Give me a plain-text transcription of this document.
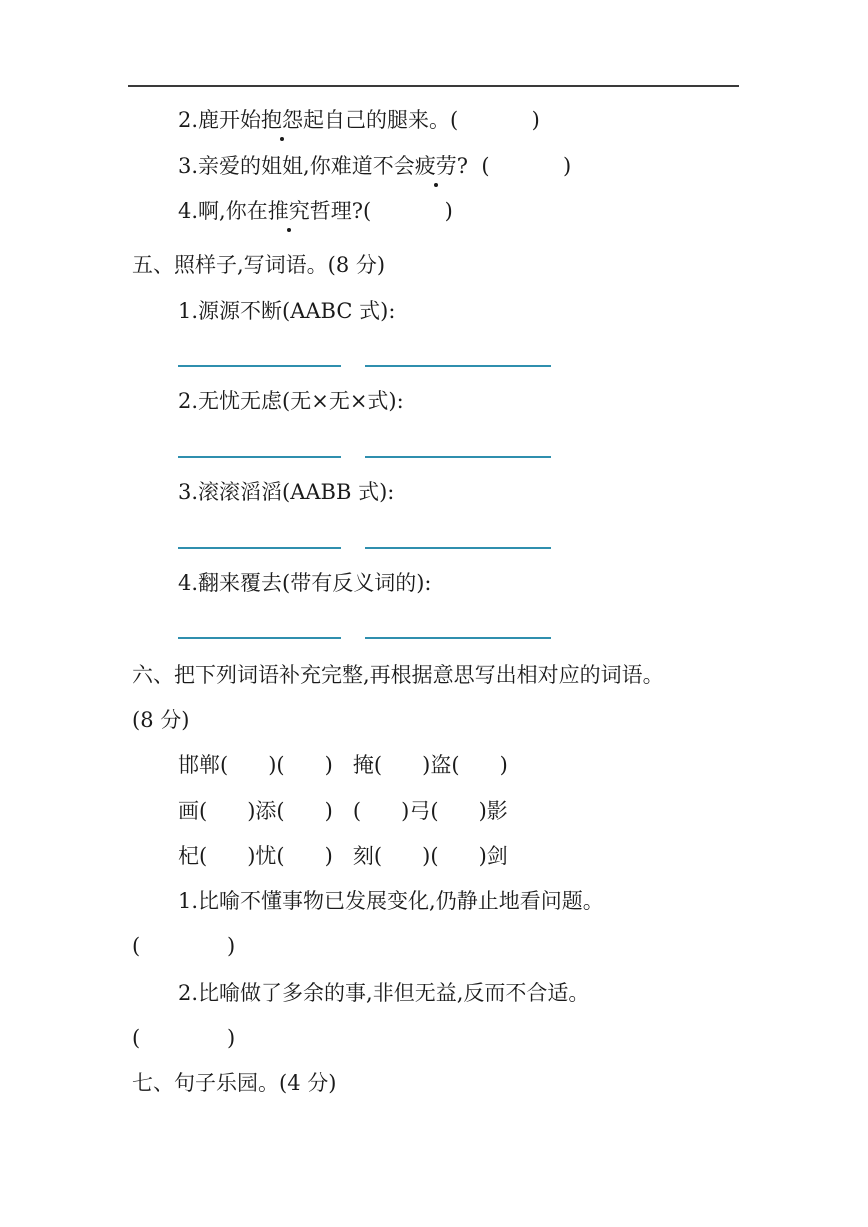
2.鹿开始抱怨起自己的腿来。(           )
3.亲爱的姐姐,你难道不会疲劳?  (           )
4.啊,你在推究哲理?(           )
五、照样子,写词语。(8 分)
1.源源不断(AABC 式):
2.无忧无虑(无×无×式):
3.滚滚滔滔(AABB 式):
4.翻来覆去(带有反义词的):
六、把下列词语补充完整,再根据意思写出相对应的词语。
(8 分)
邯郸(      )(      )   掩(      )盗(      )
画(      )添(      )   (      )弓(      )影
杞(      )忧(      )   刻(      )(      )剑
1.比喻不懂事物已发展变化,仍静止地看问题。
(             )
2.比喻做了多余的事,非但无益,反而不合适。
(             )
七、句子乐园。(4 分)
